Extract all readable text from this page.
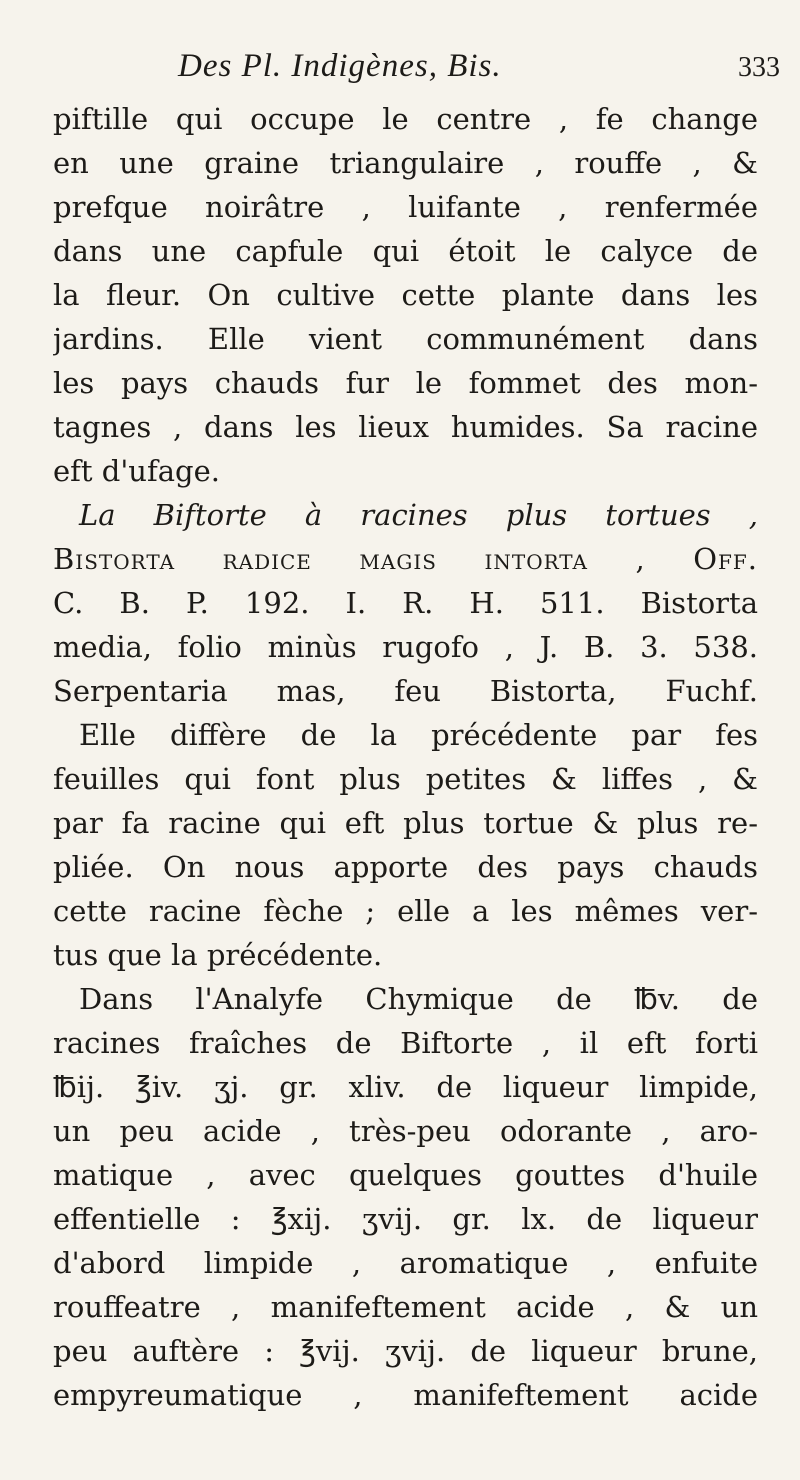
Des Pl. Indigènes, Bis.	333
piftille qui occupe le centre , fe change
en une graine triangulaire , rouffe , &
prefque noirâtre , luifante , renfermée
dans une capfule qui étoit le calyce de
la fleur. On cultive cette plante dans les
jardins. Elle vient communément dans
les pays chauds fur le fommet des mon-
tagnes , dans les lieux humides. Sa racine
eft d'ufage.
La Biftorte à racines plus tortues ,
Bistorta radice magis intorta , Off.
C. B. P. 192. I. R. H. 511. Bistorta
media, folio minùs rugofo , J. B. 3. 538.
Serpentaria mas, feu Bistorta, Fuchf.
Elle diffère de la précédente par fes
feuilles qui font plus petites & liffes , &
par fa racine qui eft plus tortue & plus re-
pliée. On nous apporte des pays chauds
cette racine fèche ; elle a les mêmes ver-
tus que la précédente.
Dans l'Analyfe Chymique de ℔v. de
racines fraîches de Biftorte , il eft forti
℔ij. ℥iv. ʒj. gr. xliv. de liqueur limpide,
un peu acide , très-peu odorante , aro-
matique , avec quelques gouttes d'huile
effentielle : ℥xij. ʒvij. gr. lx. de liqueur
d'abord limpide , aromatique , enfuite
rouffeatre , manifeftement acide , & un
peu auftère : ℥vij. ʒvij. de liqueur brune,
empyreumatique , manifeftement acide
